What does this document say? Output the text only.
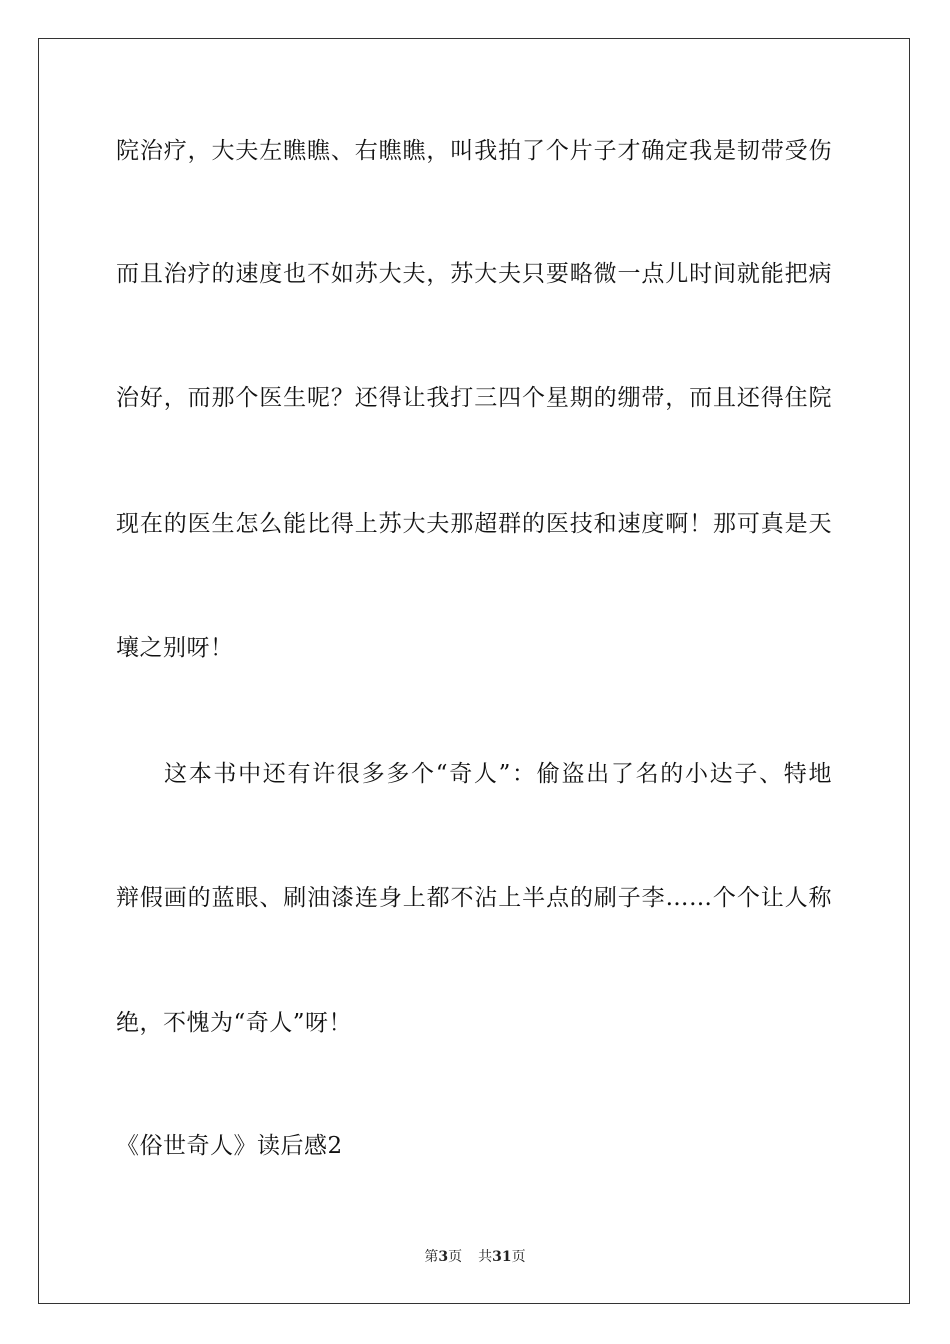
院治疗，大夫左瞧瞧、右瞧瞧，叫我拍了个片子才确定我是韧带受伤
而且治疗的速度也不如苏大夫，苏大夫只要略微一点儿时间就能把病
治好，而那个医生呢？还得让我打三四个星期的绷带，而且还得住院
现在的医生怎么能比得上苏大夫那超群的医技和速度啊！那可真是天
壤之别呀！
这本书中还有许很多多个“奇人”：偷盗出了名的小达子、特地
辩假画的蓝眼、刷油漆连身上都不沾上半点的刷子李……个个让人称
绝，不愧为“奇人”呀！
《俗世奇人》读后感2
第3页 共31页
